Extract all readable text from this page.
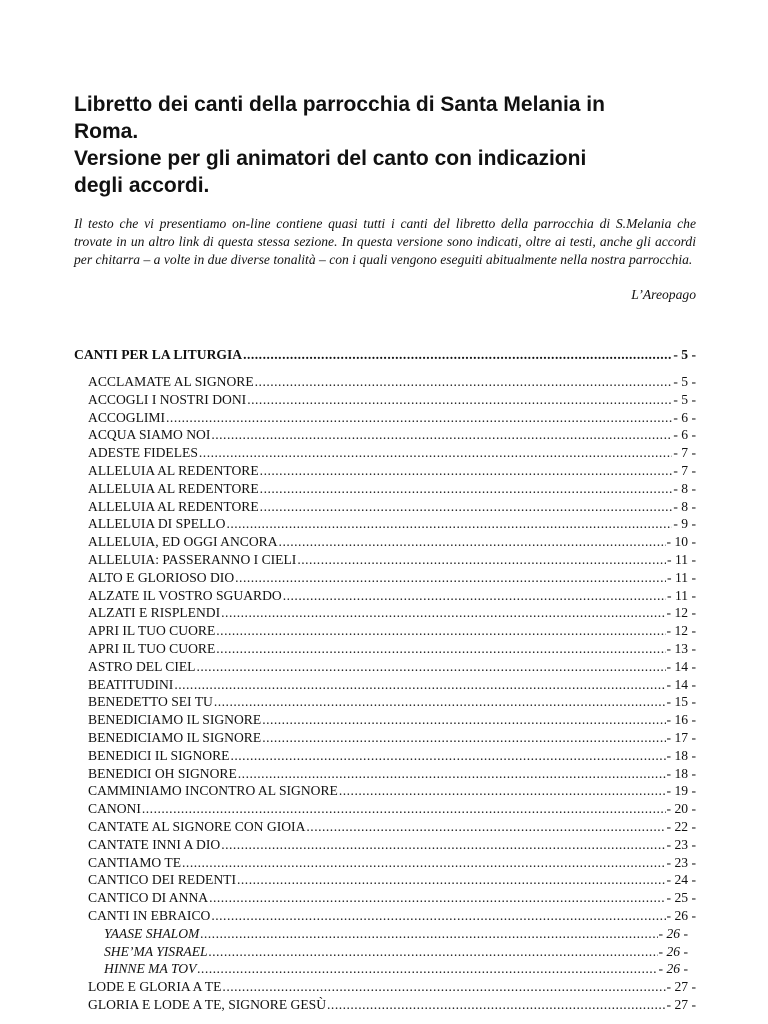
Libretto dei canti della parrocchia di Santa Melania in
Roma.
Versione per gli animatori del canto con indicazioni
degli accordi.

Il testo che vi presentiamo on-line contiene quasi tutti i canti del libretto della parrocchia di S.Melania che trovate in un altro link di questa stessa sezione. In questa versione sono indicati, oltre ai testi, anche gli accordi per chitarra – a volte in due diverse tonalità – con i quali vengono eseguiti abitualmente nella nostra parrocchia.

L’Areopago
CANTI PER LA LITURGIA .....	- 5 -
ACCLAMATE AL SIGNORE .....	- 5 -
ACCOGLI I NOSTRI DONI .....	- 5 -
ACCOGLIMI .....	- 6 -
ACQUA SIAMO NOI .....	- 6 -
ADESTE FIDELES .....	- 7 -
ALLELUIA AL REDENTORE .....	- 7 -
ALLELUIA AL REDENTORE .....	- 8 -
ALLELUIA AL REDENTORE .....	- 8 -
ALLELUIA DI SPELLO .....	- 9 -
ALLELUIA, ED OGGI ANCORA .....	- 10 -
ALLELUIA: PASSERANNO I CIELI .....	- 11 -
ALTO E GLORIOSO DIO .....	- 11 -
ALZATE IL VOSTRO SGUARDO .....	- 11 -
ALZATI E RISPLENDI .....	- 12 -
APRI IL TUO CUORE .....	- 12 -
APRI IL TUO CUORE .....	- 13 -
ASTRO DEL CIEL .....	- 14 -
BEATITUDINI .....	- 14 -
BENEDETTO SEI TU .....	- 15 -
BENEDICIAMO IL SIGNORE .....	- 16 -
BENEDICIAMO IL SIGNORE .....	- 17 -
BENEDICI IL SIGNORE .....	- 18 -
BENEDICI OH SIGNORE .....	- 18 -
CAMMINIAMO INCONTRO AL SIGNORE .....	- 19 -
CANONI .....	- 20 -
CANTATE AL SIGNORE CON GIOIA .....	- 22 -
CANTATE INNI A DIO .....	- 23 -
CANTIAMO TE .....	- 23 -
CANTICO DEI REDENTI .....	- 24 -
CANTICO DI ANNA .....	- 25 -
CANTI IN EBRAICO .....	- 26 -
YAASE SHALOM .....	- 26 -
SHE’MA YISRAEL .....	- 26 -
HINNE MA TOV .....	- 26 -
LODE E GLORIA A TE .....	- 27 -
GLORIA E LODE A TE, SIGNORE GESÙ .....	- 27 -
